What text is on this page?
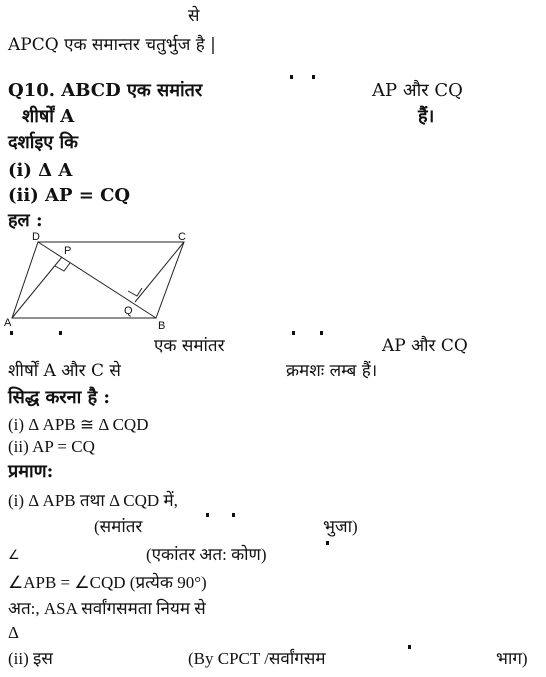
से
APCQ एक समान्तर चतुर्भुज है |
Q10. ABCD एक समांतर	AP और CQ
शीर्षों A	हैं।
दर्शाइए कि
(i) Δ A
(ii) AP = CQ
हल :
A	B
C
D
P
Q
एक समांतर	AP और CQ
शीर्षों A और C से	क्रमशः लम्ब हैं।
सिद्ध करना है :
(i) Δ APB ≅ Δ CQD
(ii) AP = CQ
प्रमाण:
(i) Δ APB तथा Δ CQD में,
(समांतर	भुजा)
∠	(एकांतर अत: कोण)
∠APB = ∠CQD (प्रत्येक 90°)
अत:, ASA सर्वांगसमता नियम से
Δ
(ii) इस	(By CPCT /सर्वांगसम	भाग)
